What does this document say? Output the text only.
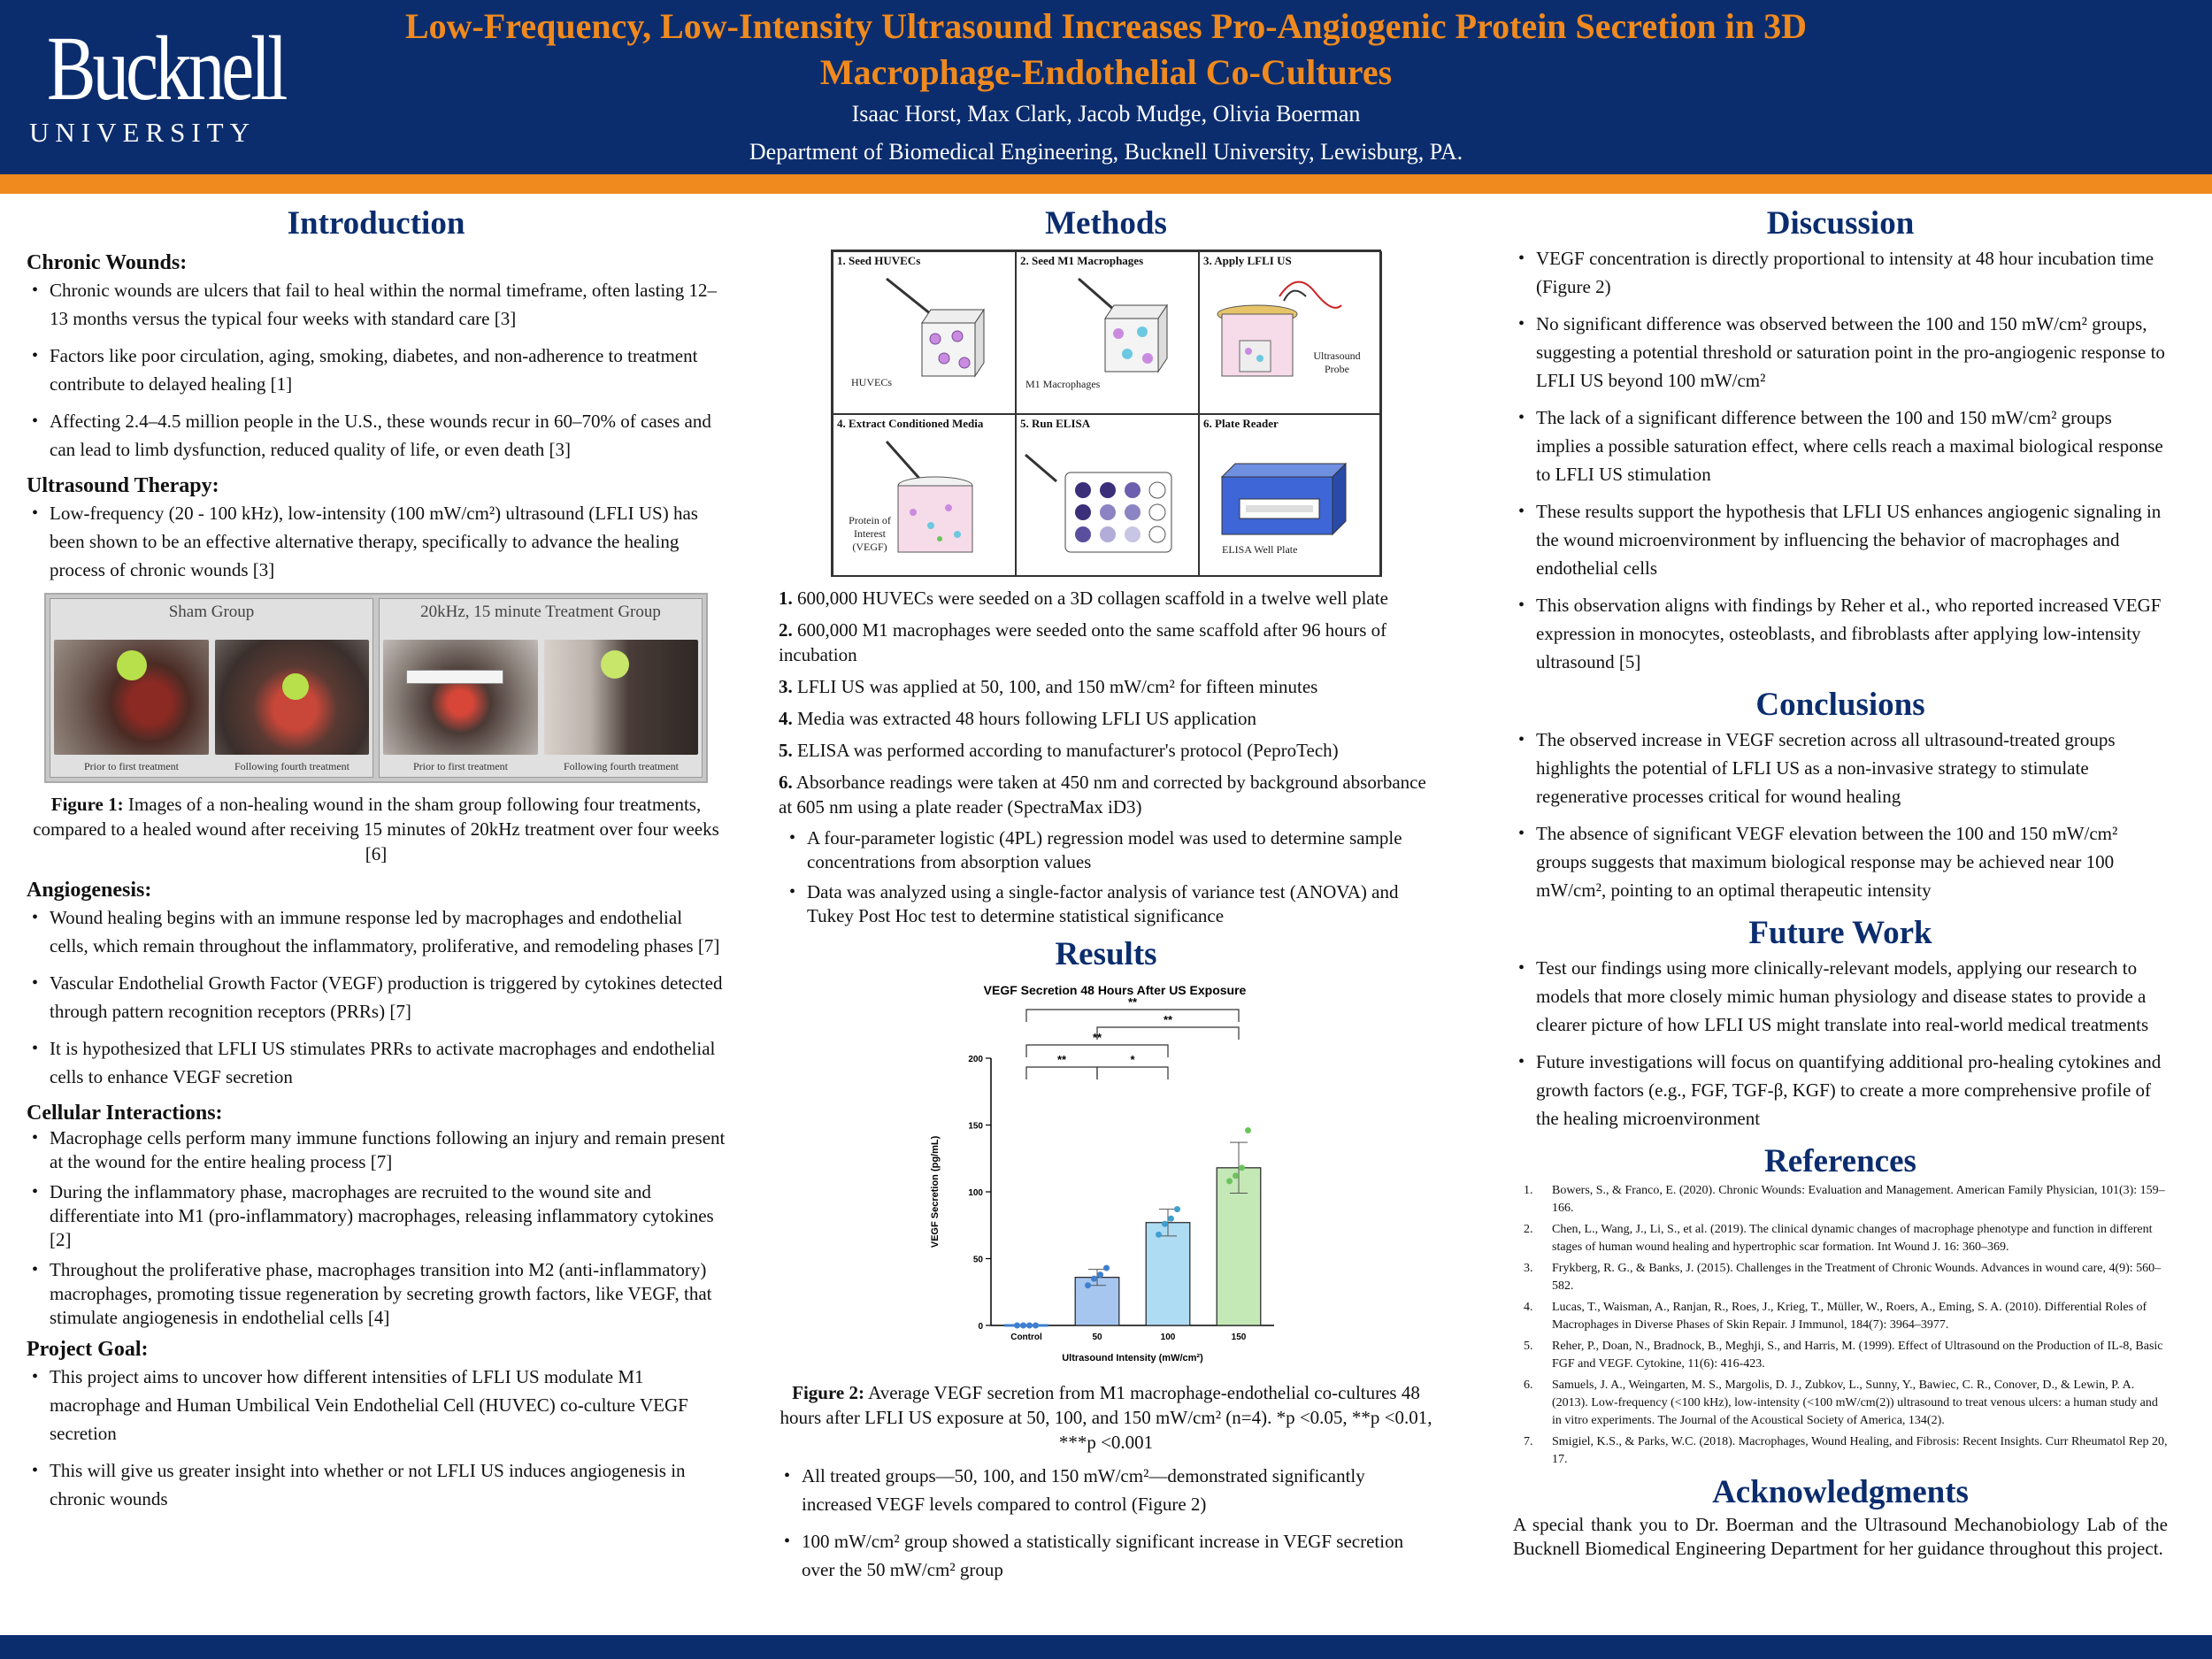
Bucknell
UNIVERSITY
Low-Frequency, Low-Intensity Ultrasound Increases Pro-Angiogenic Protein Secretion in 3D Macrophage-Endothelial Co-Cultures
Isaac Horst, Max Clark, Jacob Mudge, Olivia Boerman
Department of Biomedical Engineering, Bucknell University, Lewisburg, PA.
Introduction
Chronic Wounds:
• Chronic wounds are ulcers that fail to heal within the normal timeframe, often lasting 12–13 months versus the typical four weeks with standard care [3]
• Factors like poor circulation, aging, smoking, diabetes, and non-adherence to treatment contribute to delayed healing [1]
• Affecting 2.4–4.5 million people in the U.S., these wounds recur in 60–70% of cases and can lead to limb dysfunction, reduced quality of life, or even death [3]
Ultrasound Therapy:
• Low-frequency (20 - 100 kHz), low-intensity (100 mW/cm²) ultrasound (LFLI US) has been shown to be an effective alternative therapy, specifically to advance the healing process of chronic wounds [3]
Sham Group
Prior to first treatment	Following fourth treatment
20kHz, 15 minute Treatment Group
Prior to first treatment	Following fourth treatment

Figure 1: Images of a non-healing wound in the sham group following four treatments, compared to a healed wound after receiving 15 minutes of 20kHz treatment over four weeks [6]

Angiogenesis:
• Wound healing begins with an immune response led by macrophages and endothelial cells, which remain throughout the inflammatory, proliferative, and remodeling phases [7]
• Vascular Endothelial Growth Factor (VEGF) production is triggered by cytokines detected through pattern recognition receptors (PRRs) [7]
• It is hypothesized that LFLI US stimulates PRRs to activate macrophages and endothelial cells to enhance VEGF secretion
Cellular Interactions:
• Macrophage cells perform many immune functions following an injury and remain present at the wound for the entire healing process [7]
• During the inflammatory phase, macrophages are recruited to the wound site and differentiate into M1 (pro-inflammatory) macrophages, releasing inflammatory cytokines [2]
• Throughout the proliferative phase, macrophages transition into M2 (anti-inflammatory) macrophages, promoting tissue regeneration by secreting growth factors, like VEGF, that stimulate angiogenesis in endothelial cells [4]
Project Goal:
• This project aims to uncover how different intensities of LFLI US modulate M1 macrophage and Human Umbilical Vein Endothelial Cell (HUVEC) co-culture VEGF secretion
• This will give us greater insight into whether or not LFLI US induces angiogenesis in chronic wounds
Methods
1. Seed HUVECs
HUVECs
2. Seed M1 Macrophages
M1 Macrophages
3. Apply LFLI US
Ultrasound Probe
4. Extract Conditioned Media
Protein of Interest (VEGF)
5. Run ELISA	6. Plate Reader
ELISA Well Plate
1. 600,000 HUVECs were seeded on a 3D collagen scaffold in a twelve well plate
2. 600,000 M1 macrophages were seeded onto the same scaffold after 96 hours of incubation
3. LFLI US was applied at 50, 100, and 150 mW/cm² for fifteen minutes
4. Media was extracted 48 hours following LFLI US application
5. ELISA was performed according to manufacturer's protocol (PeproTech)
6. Absorbance readings were taken at 450 nm and corrected by background absorbance at 605 nm using a plate reader (SpectraMax iD3)
• A four-parameter logistic (4PL) regression model was used to determine sample concentrations from absorption values
• Data was analyzed using a single-factor analysis of variance test (ANOVA) and Tukey Post Hoc test to determine statistical significance
Results
VEGF Secretion 48 Hours After US Exposure
0
50
100
150
200
VEGF Secretion (pg/mL)
Ultrasound Intensity (mW/cm²)
Control	50	100	150
**
**
**
**	*

Figure 2: Average VEGF secretion from M1 macrophage-endothelial co-cultures 48 hours after LFLI US exposure at 50, 100, and 150 mW/cm² (n=4). *p <0.05, **p <0.01, ***p <0.001

• All treated groups—50, 100, and 150 mW/cm²—demonstrated significantly increased VEGF levels compared to control (Figure 2)
• 100 mW/cm² group showed a statistically significant increase in VEGF secretion over the 50 mW/cm² group
Discussion
• VEGF concentration is directly proportional to intensity at 48 hour incubation time (Figure 2)
• No significant difference was observed between the 100 and 150 mW/cm² groups, suggesting a potential threshold or saturation point in the pro-angiogenic response to LFLI US beyond 100 mW/cm²
• The lack of a significant difference between the 100 and 150 mW/cm² groups implies a possible saturation effect, where cells reach a maximal biological response to LFLI US stimulation
• These results support the hypothesis that LFLI US enhances angiogenic signaling in the wound microenvironment by influencing the behavior of macrophages and endothelial cells
• This observation aligns with findings by Reher et al., who reported increased VEGF expression in monocytes, osteoblasts, and fibroblasts after applying low-intensity ultrasound [5]
Conclusions
• The observed increase in VEGF secretion across all ultrasound-treated groups highlights the potential of LFLI US as a non-invasive strategy to stimulate regenerative processes critical for wound healing
• The absence of significant VEGF elevation between the 100 and 150 mW/cm² groups suggests that maximum biological response may be achieved near 100 mW/cm², pointing to an optimal therapeutic intensity
Future Work
• Test our findings using more clinically-relevant models, applying our research to models that more closely mimic human physiology and disease states to provide a clearer picture of how LFLI US might translate into real-world medical treatments
• Future investigations will focus on quantifying additional pro-healing cytokines and growth factors (e.g., FGF, TGF-β, KGF) to create a more comprehensive profile of the healing microenvironment
References
1. Bowers, S., & Franco, E. (2020). Chronic Wounds: Evaluation and Management. American Family Physician, 101(3): 159–166.
2. Chen, L., Wang, J., Li, S., et al. (2019). The clinical dynamic changes of macrophage phenotype and function in different stages of human wound healing and hypertrophic scar formation. Int Wound J. 16: 360–369.
3. Frykberg, R. G., & Banks, J. (2015). Challenges in the Treatment of Chronic Wounds. Advances in wound care, 4(9): 560–582.
4. Lucas, T., Waisman, A., Ranjan, R., Roes, J., Krieg, T., Müller, W., Roers, A., Eming, S. A. (2010). Differential Roles of Macrophages in Diverse Phases of Skin Repair. J Immunol, 184(7): 3964–3977.
5. Reher, P., Doan, N., Bradnock, B., Meghji, S., and Harris, M. (1999). Effect of Ultrasound on the Production of IL-8, Basic FGF and VEGF. Cytokine, 11(6): 416-423.
6. Samuels, J. A., Weingarten, M. S., Margolis, D. J., Zubkov, L., Sunny, Y., Bawiec, C. R., Conover, D., & Lewin, P. A. (2013). Low-frequency (<100 kHz), low-intensity (<100 mW/cm(2)) ultrasound to treat venous ulcers: a human study and in vitro experiments. The Journal of the Acoustical Society of America, 134(2).
7. Smigiel, K.S., & Parks, W.C. (2018). Macrophages, Wound Healing, and Fibrosis: Recent Insights. Curr Rheumatol Rep 20, 17.
Acknowledgments

A special thank you to Dr. Boerman and the Ultrasound Mechanobiology Lab of the Bucknell Biomedical Engineering Department for her guidance throughout this project.
